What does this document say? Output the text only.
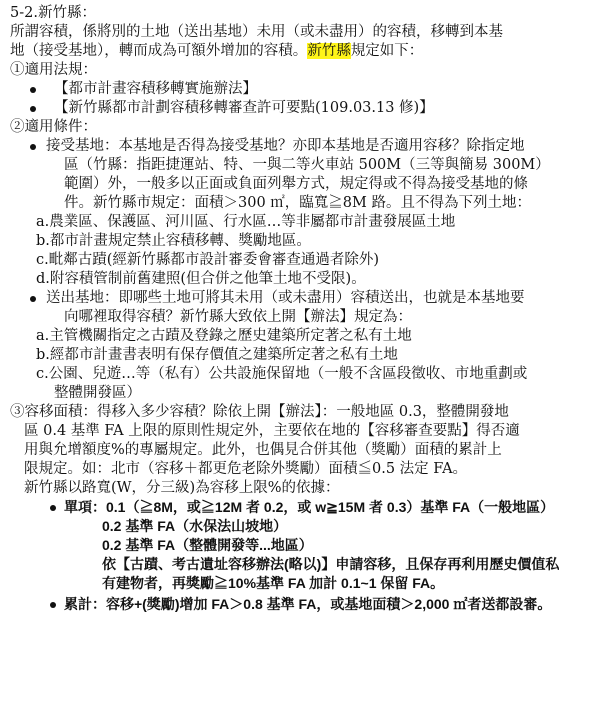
5-2.新竹縣：
所謂容積，係將別的土地（送出基地）未用（或未盡用）的容積，移轉到本基
地（接受基地），轉而成為可額外增加的容積。新竹縣規定如下：
①適用法規：
【都市計畫容積移轉實施辦法】
【新竹縣都市計劃容積移轉審查許可要點(109.03.13 修)】
②適用條件：
接受基地：本基地是否得為接受基地？亦即本基地是否適用容移？除指定地
區（竹縣：指距捷運站、特、一與二等火車站 500M（三等與簡易 300M）
範圍）外，一般多以正面或負面列舉方式，規定得或不得為接受基地的條
件。新竹縣市規定：面積＞300 ㎡，臨寬≧8M 路。且不得為下列土地：
a.農業區、保護區、河川區、行水區…等非屬都市計畫發展區土地
b.都市計畫規定禁止容積移轉、獎勵地區。
c.毗鄰古蹟(經新竹縣都市設計審委會審查通過者除外)
d.附容積管制前舊建照(但合併之他筆土地不受限)。
送出基地：即哪些土地可將其未用（或未盡用）容積送出，也就是本基地要
向哪裡取得容積？新竹縣大致依上開【辦法】規定為：
a.主管機關指定之古蹟及登錄之歷史建築所定著之私有土地
b.經都市計畫書表明有保存價值之建築所定著之私有土地
c.公園、兒遊…等（私有）公共設施保留地（一般不含區段徵收、市地重劃或
整體開發區）
③容移面積：得移入多少容積？除依上開【辦法】：一般地區 0.3，整體開發地
區 0.4 基準 FA 上限的原則性規定外，主要依在地的【容移審查要點】得否適
用與允增額度%的專屬規定。此外，也偶見合併其他（獎勵）面積的累計上
限規定。如：北市（容移＋都更危老除外獎勵）面積≦0.5 法定 FA。
新竹縣以路寬(W，分三級)為容移上限%的依據：
單項：0.1（≧8M，或≧12M 者 0.2，或 w≧15M 者 0.3）基準 FA（一般地區）
0.2 基準 FA（水保法山坡地）
0.2 基準 FA（整體開發等...地區）
依【古蹟、考古遺址容移辦法(略以)】申請容移，且保存再利用歷史價值私
有建物者，再獎勵≧10%基準 FA 加計 0.1~1 保留 FA。
累計：容移+(獎勵)增加 FA＞0.8 基準 FA，或基地面積＞2,000 ㎡者送都設審。
